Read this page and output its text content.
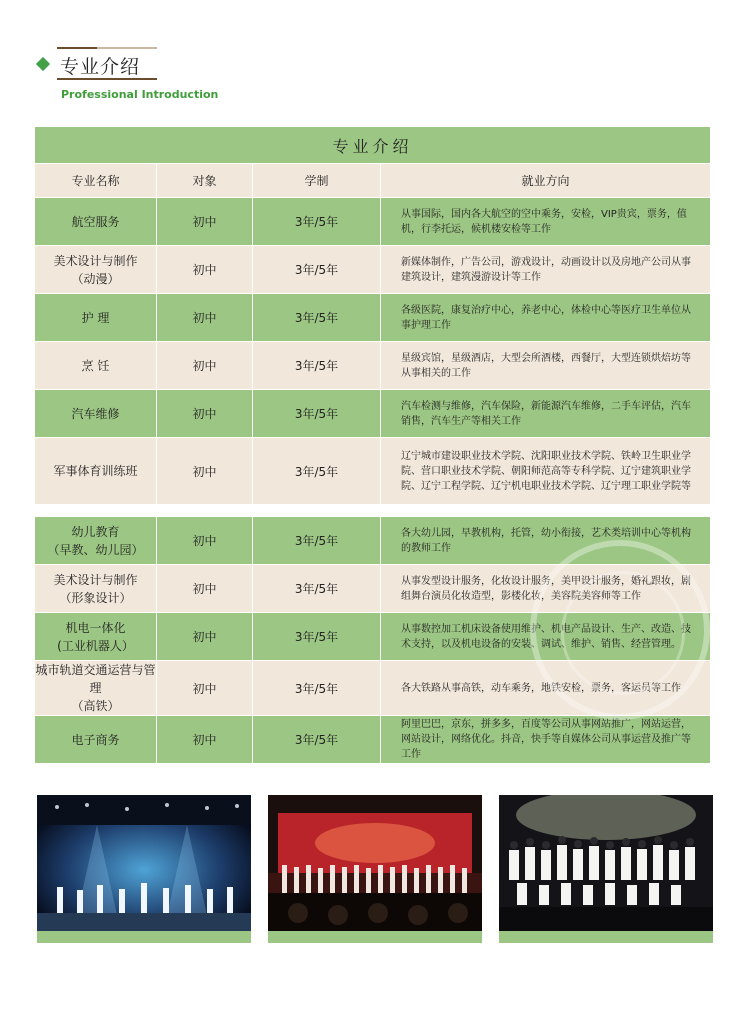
专业介绍
Professional Introduction
专业介绍			
专业名称	对象	学制	就业方向
航空服务	初中	3年/5年	从事国际，国内各大航空的空中乘务，安检，VIP贵宾，票务，值机，行李托运，候机楼安检等工作
美术设计与制作
（动漫）	初中	3年/5年	新媒体制作，广告公司，游戏设计，动画设计以及房地产公司从事建筑设计，建筑漫游设计等工作
护 理	初中	3年/5年	各级医院，康复治疗中心，养老中心，体检中心等医疗卫生单位从事护理工作
烹 饪	初中	3年/5年	星级宾馆，星级酒店，大型会所酒楼，西餐厅，大型连锁烘焙坊等从事相关的工作
汽车维修	初中	3年/5年	汽车检测与维修，汽车保险，新能源汽车维修，二手车评估，汽车销售，汽车生产等相关工作
军事体育训练班	初中	3年/5年	辽宁城市建设职业技术学院、沈阳职业技术学院、铁岭卫生职业学院、营口职业技术学院、朝阳师范高等专科学院、辽宁建筑职业学院、辽宁工程学院、辽宁机电职业技术学院、辽宁理工职业学院等
幼儿教育
（早教、幼儿园）	初中	3年/5年	各大幼儿园，早教机构，托管，幼小衔接，艺术类培训中心等机构的教师工作
美术设计与制作
（形象设计）	初中	3年/5年	从事发型设计服务，化妆设计服务，美甲设计服务，婚礼跟妆，剧组舞台演员化妆造型，影楼化妆，美容院美容师等工作
机电一体化
(工业机器人）	初中	3年/5年	从事数控加工机床设备使用维护、机电产品设计、生产、改造、技术支持，以及机电设备的安装、调试、维护、销售、经营管理。
城市轨道交通运营与管理
（高铁）	初中	3年/5年	各大铁路从事高铁，动车乘务，地铁安检，票务，客运员等工作
电子商务	初中	3年/5年	阿里巴巴，京东，拼多多，百度等公司从事网站推广，网站运营，网站设计，网络优化。抖音，快手等自媒体公司从事运营及推广等工作
